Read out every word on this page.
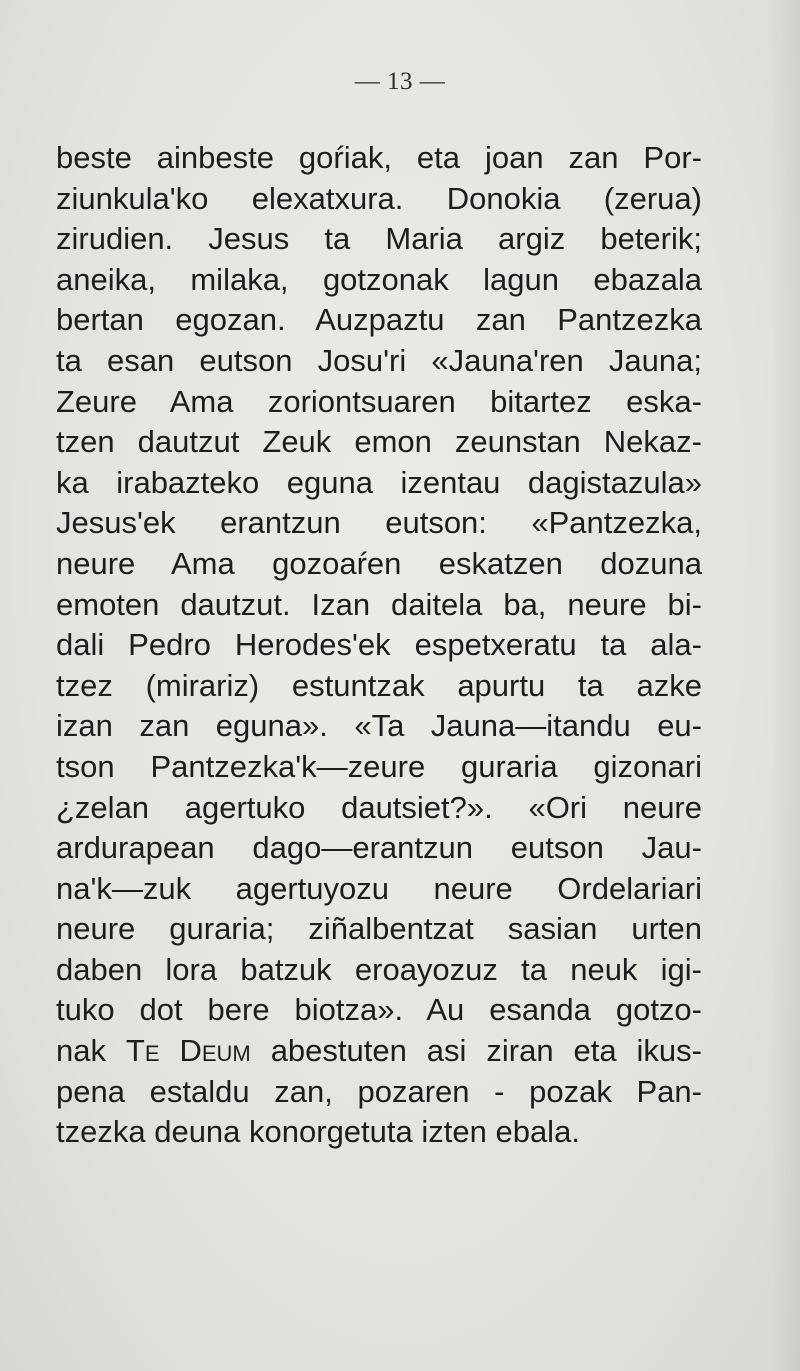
— 13 —
beste ainbeste goŕiak, eta joan zan Por-
ziunkula'ko elexatxura. Donokia (zerua)
zirudien. Jesus ta Maria argiz beterik;
aneika, milaka, gotzonak lagun ebazala
bertan egozan. Auzpaztu zan Pantzezka
ta esan eutson Josu'ri «Jauna'ren Jauna;
Zeure Ama zoriontsuaren bitartez eska-
tzen dautzut Zeuk emon zeunstan Nekaz-
ka irabazteko eguna izentau dagistazula»
Jesus'ek erantzun eutson: «Pantzezka,
neure Ama gozoaŕen eskatzen dozuna
emoten dautzut. Izan daitela ba, neure bi-
dali Pedro Herodes'ek espetxeratu ta ala-
tzez (mirariz) estuntzak apurtu ta azke
izan zan eguna». «Ta Jauna—itandu eu-
tson Pantzezka'k—zeure guraria gizonari
¿zelan agertuko dautsiet?». «Ori neure
ardurapean dago—erantzun eutson Jau-
na'k—zuk agertuyozu neure Ordelariari
neure guraria; ziñalbentzat sasian urten
daben lora batzuk eroayozuz ta neuk igi-
tuko dot bere biotza». Au esanda gotzo-
nak Te Deum abestuten asi ziran eta ikus-
pena estaldu zan, pozaren - pozak Pan-
tzezka deuna konorgetuta izten ebala.
